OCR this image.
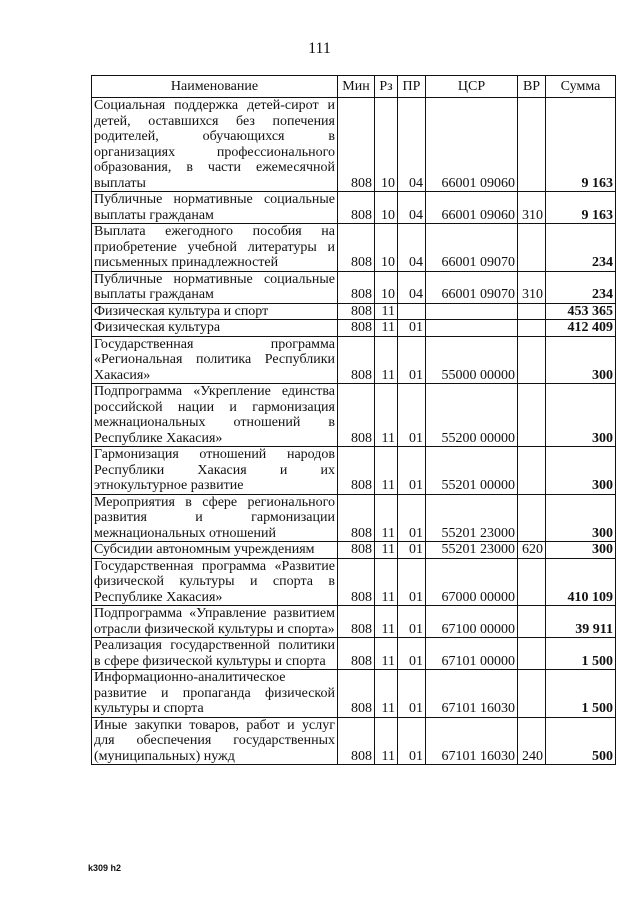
111
Наименование	Мин	Рз	ПР	ЦСР	ВР	Сумма
Социальная поддержка детей-сирот и детей, оставшихся без попечения родителей, обучающихся в организациях профессионального образования, в части ежемесячной выплаты	808	10	04	66001 09060		9 163
Публичные нормативные социальные выплаты гражданам	808	10	04	66001 09060	310	9 163
Выплата ежегодного пособия на приобретение учебной литературы и письменных принадлежностей	808	10	04	66001 09070		234
Публичные нормативные социальные выплаты гражданам	808	10	04	66001 09070	310	234
Физическая культура и спорт	808	11				453 365
Физическая культура	808	11	01			412 409
Государственная программа «Региональная политика Республики Хакасия»	808	11	01	55000 00000		300
Подпрограмма «Укрепление единства российской нации и гармонизация межнациональных отношений в Республике Хакасия»	808	11	01	55200 00000		300
Гармонизация отношений народов Республики Хакасия и их этнокультурное развитие	808	11	01	55201 00000		300
Мероприятия в сфере регионального развития и гармонизации межнациональных отношений	808	11	01	55201 23000		300
Субсидии автономным учреждениям	808	11	01	55201 23000	620	300
Государственная программа «Развитие физической культуры и спорта в Республике Хакасия»	808	11	01	67000 00000		410 109
Подпрограмма «Управление развитием отрасли физической культуры и спорта»	808	11	01	67100 00000		39 911
Реализация государственной политики в сфере физической культуры и спорта	808	11	01	67101 00000		1 500
Информационно-аналитическое развитие и пропаганда физической культуры и спорта	808	11	01	67101 16030		1 500
Иные закупки товаров, работ и услуг для обеспечения государственных (муниципальных) нужд	808	11	01	67101 16030	240	500
k309 h2
